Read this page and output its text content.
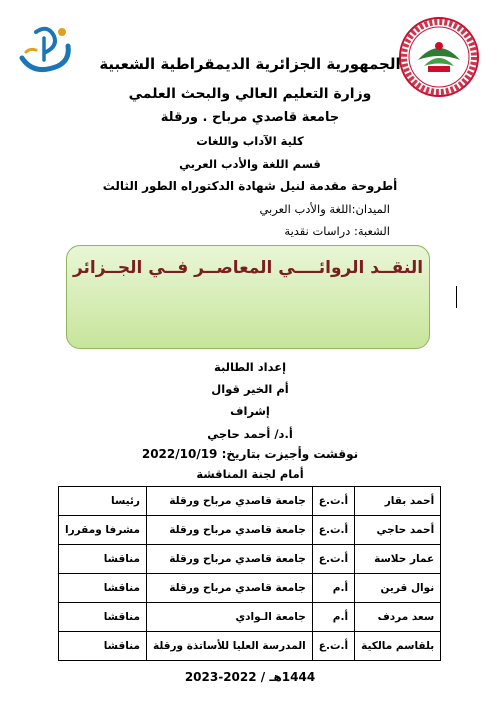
الجمهورية الجزائرية الديمقراطية الشعبية
وزارة التعليم العالي والبحث العلمي
جامعة قاصدي مرباح . ورقلة
كلية الآداب واللغات
قسم اللغة والأدب العربي
أطروحة مقدمة لنيل شهادة الدكتوراه الطور الثالث
الميدان:اللغة والأدب العربي
الشعبة: دراسات نقدية
النقــد الروائــــي المعاصــر فــي الجــزائر
إعداد الطالبة
أم الخير قوال
إشراف
أ.د/ أحمد حاجي
نوقشت وأجيزت بتاريخ: 2022/10/19
أمام لجنة المناقشة
أحمد بقار	أ.ت.ع	جامعة قاصدي مرباح ورقلة	رئيسا
أحمد حاجي	أ.ت.ع	جامعة قاصدي مرباح ورقلة	مشرفا ومقررا
عمار حلاسة	أ.ت.ع	جامعة قاصدي مرباح ورقلة	مناقشا
نوال قرين	أ.م	جامعة قاصدي مرباح ورقلة	مناقشا
سعد مردف	أ.م	جامعة الـوادي	مناقشا
بلقاسم مالكية	أ.ت.ع	المدرسة العليا للأساتذة ورقلة	مناقشا
1444هـ / 2022-2023
